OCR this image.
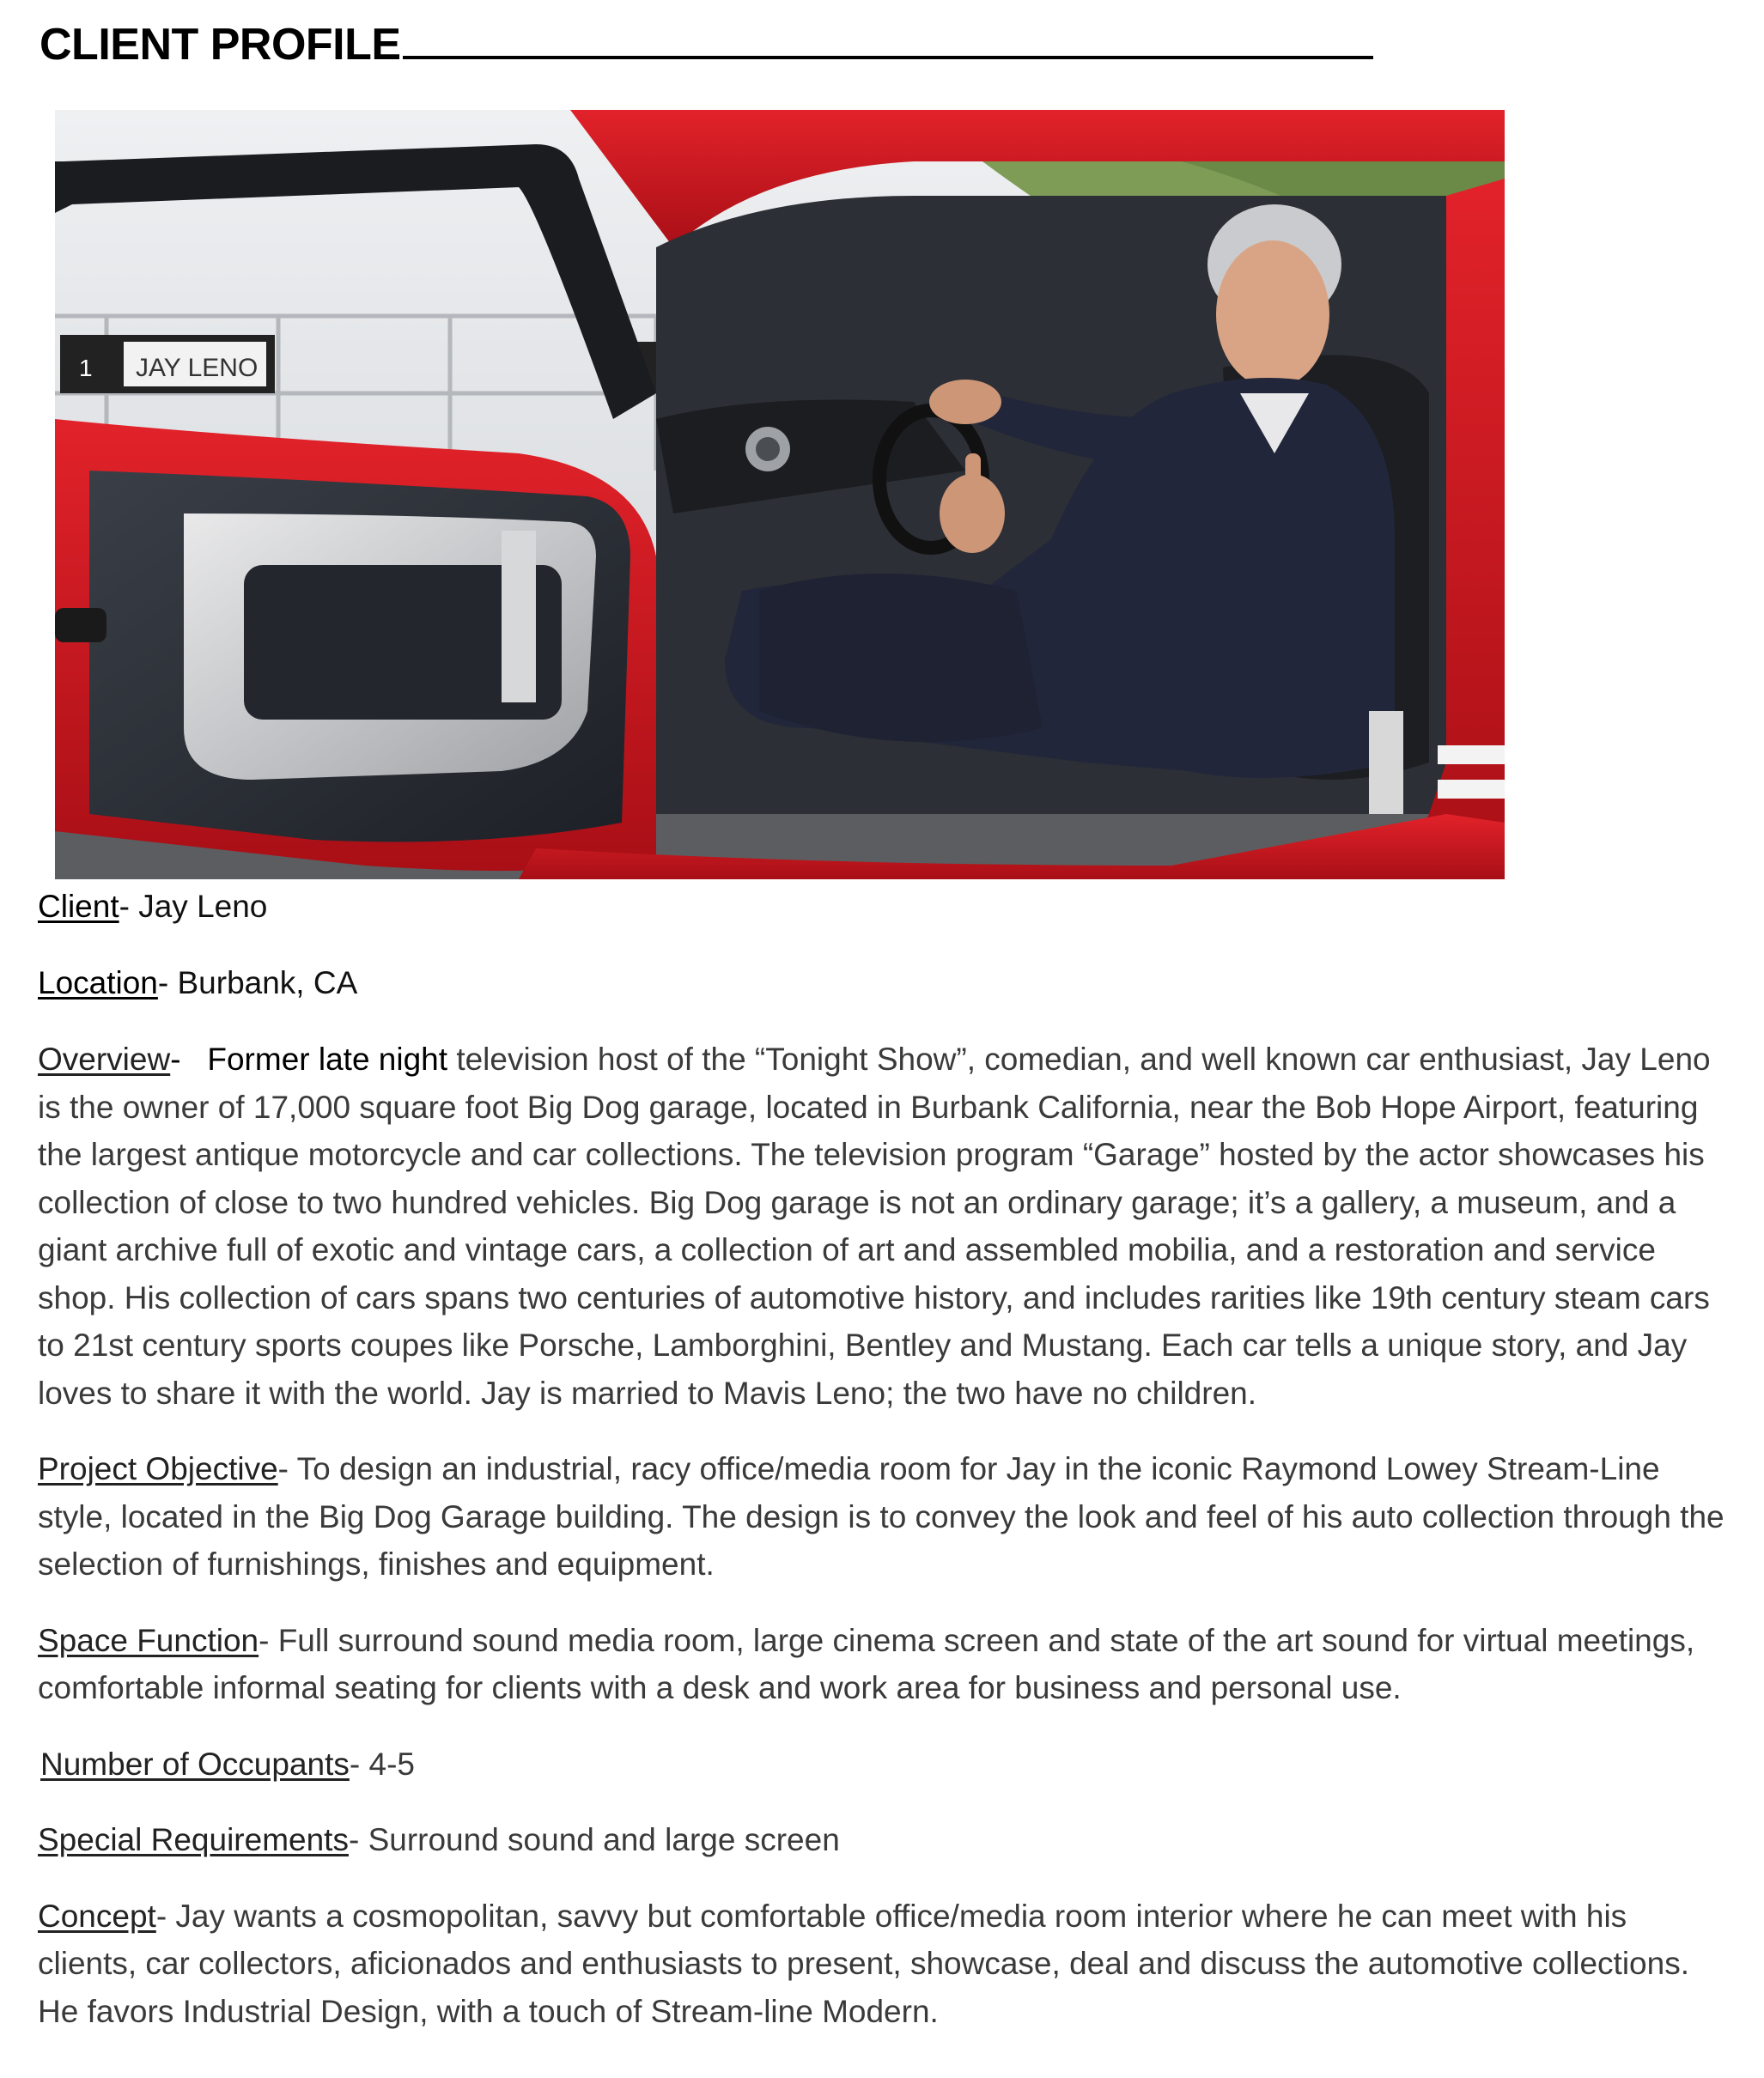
CLIENT PROFILE
1 JAY LENO
Client- Jay Leno
Location- Burbank, CA
Overview-   Former late night television host of the “Tonight Show”, comedian, and well known car enthusiast, Jay Leno is the owner of 17,000 square foot Big Dog garage, located in Burbank California, near the Bob Hope Airport, featuring the largest antique motorcycle and car collections. The television program “Garage” hosted by the actor showcases his collection of close to two hundred vehicles. Big Dog garage is not an ordinary garage; it’s a gallery, a museum, and a giant archive full of exotic and vintage cars, a collection of art and assembled mobilia, and a restoration and service shop. His collection of cars spans two centuries of automotive history, and includes rarities like 19th century steam cars to 21st century sports coupes like Porsche, Lamborghini, Bentley and Mustang. Each car tells a unique story, and Jay loves to share it with the world. Jay is married to Mavis Leno; the two have no children.
Project Objective- To design an industrial, racy office/media room for Jay in the iconic Raymond Lowey Stream-Line style, located in the Big Dog Garage building. The design is to convey the look and feel of his auto collection through the selection of furnishings, finishes and equipment.
Space Function- Full surround sound media room, large cinema screen and state of the art sound for virtual meetings, comfortable informal seating for clients with a desk and work area for business and personal use.
Number of Occupants- 4-5
Special Requirements- Surround sound and large screen
Concept- Jay wants a cosmopolitan, savvy but comfortable office/media room interior where he can meet with his clients, car collectors, aficionados and enthusiasts to present, showcase, deal and discuss the automotive collections. He favors Industrial Design, with a touch of Stream-line Modern.
